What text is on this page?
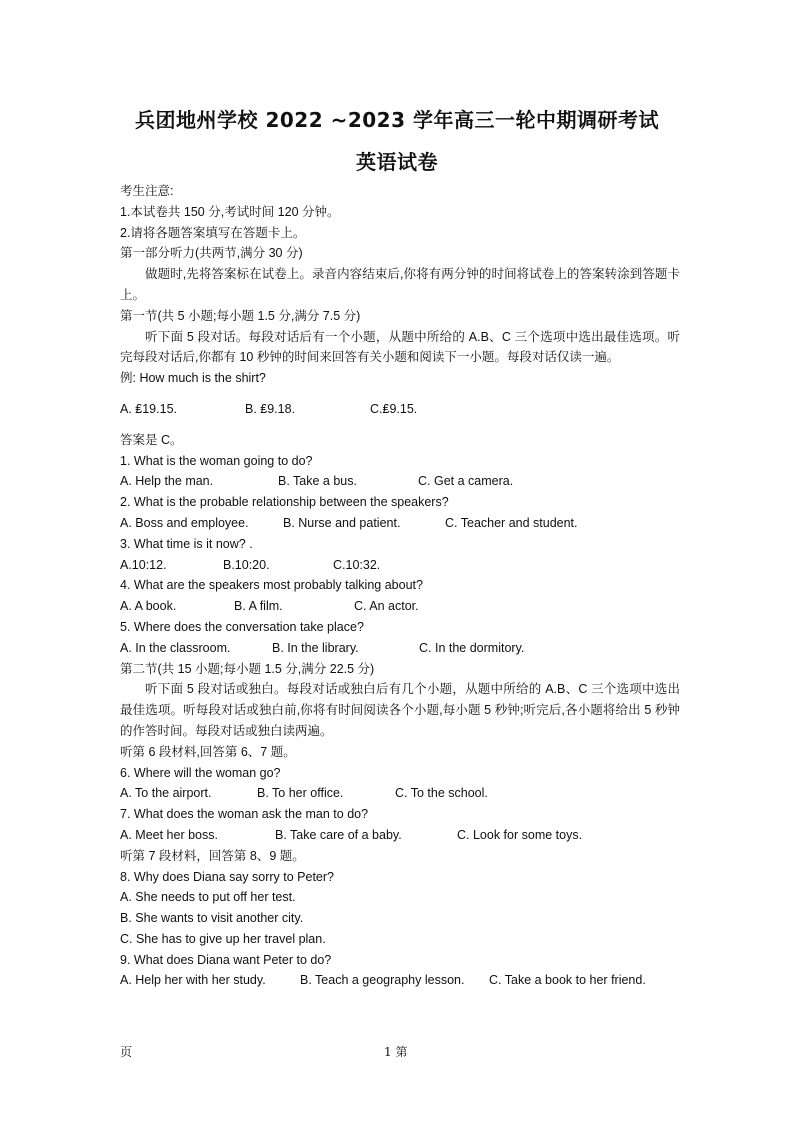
兵团地州学校 2022 ~2023 学年高三一轮中期调研考试
英语试卷
考生注意:
1.本试卷共 150 分,考试时间 120 分钟。
2.请将各题答案填写在答题卡上。
第一部分听力(共两节,满分 30 分)
做题时,先将答案标在试卷上。录音内容结束后,你将有两分钟的时间将试卷上的答案转涂到答题卡上。
第一节(共 5 小题;每小题 1.5 分,满分 7.5 分)
听下面 5 段对话。每段对话后有一个小题，从题中所给的 A.B、C 三个选项中选出最佳选项。听完每段对话后,你都有 10 秒钟的时间来回答有关小题和阅读下一小题。每段对话仅读一遍。
例: How much is the shirt?
A. ₤19.15.	B. ₤9.18.	C.₤9.15.
答案是 C。
1. What is the woman going to do?
A. Help the man.	B. Take a bus.	C. Get a camera.
2. What is the probable relationship between the speakers?
A. Boss and employee.	B. Nurse and patient.	C. Teacher and student.
3. What time is it now? .
A.10:12.	B.10:20.	C.10:32.
4. What are the speakers most probably talking about?
A. A book.	B. A film.	C. An actor.
5. Where does the conversation take place?
A. In the classroom.	B. In the library.	C. In the dormitory.
第二节(共 15 小题;每小题 1.5 分,满分 22.5 分)
听下面 5 段对话或独白。每段对话或独白后有几个小题，从题中所给的 A.B、C 三个选项中选出最佳选项。听每段对话或独白前,你将有时间阅读各个小题,每小题 5 秒钟;听完后,各小题将给出 5 秒钟的作答时间。每段对话或独白读两遍。
听第 6 段材料,回答第 6、7 题。
6. Where will the woman go?
A. To the airport.	B. To her office.	C. To the school.
7. What does the woman ask the man to do?
A. Meet her boss.	B. Take care of a baby.	C. Look for some toys.
听第 7 段材料，回答第 8、9 题。
8. Why does Diana say sorry to Peter?
A. She needs to put off her test.
B. She wants to visit another city.
C. She has to give up her travel plan.
9. What does Diana want Peter to do?
A. Help her with her study.	B. Teach a geography lesson.	C. Take a book to her friend.
页	1 第
